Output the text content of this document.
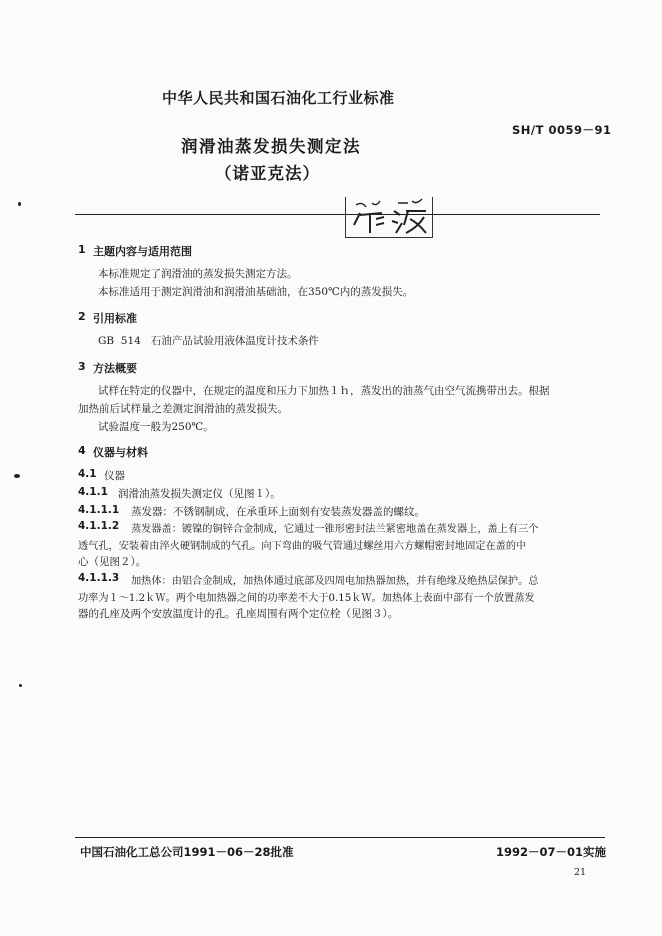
中华人民共和国石油化工行业标准
SH/T 0059－91
润滑油蒸发损失测定法
（诺亚克法）
1 主题内容与适用范围
本标准规定了润滑油的蒸发损失测定方法。
本标准适用于测定润滑油和润滑油基础油，在350℃内的蒸发损失。
2 引用标准
GB  514   石油产品试验用液体温度计技术条件
3 方法概要
试样在特定的仪器中，在规定的温度和压力下加热１ｈ，蒸发出的油蒸气由空气流携带出去。根据
加热前后试样量之差测定润滑油的蒸发损失。
试验温度一般为250℃。
4 仪器与材料
4.1 仪器
4.1.1 润滑油蒸发损失测定仪（见图１）。
4.1.1.1 蒸发器：不锈钢制成，在承重环上面刻有安装蒸发器盖的螺纹。
4.1.1.2 蒸发器盖：镀镍的铜锌合金制成，它通过一锥形密封法兰紧密地盖在蒸发器上，盖上有三个
透气孔，安装着由淬火硬钢制成的气孔。向下弯曲的吸气管通过螺丝用六方螺帽密封地固定在盖的中
心（见图２）。
4.1.1.3 加热体：由铝合金制成，加热体通过底部及四周电加热器加热，并有绝缘及绝热层保护。总
功率为１～1.2ｋＷ。两个电加热器之间的功率差不大于0.15ｋＷ。加热体上表面中部有一个放置蒸发
器的孔座及两个安放温度计的孔。孔座周围有两个定位栓（见图３）。
中国石油化工总公司1991－06－28批准	1992－07－01实施
21
